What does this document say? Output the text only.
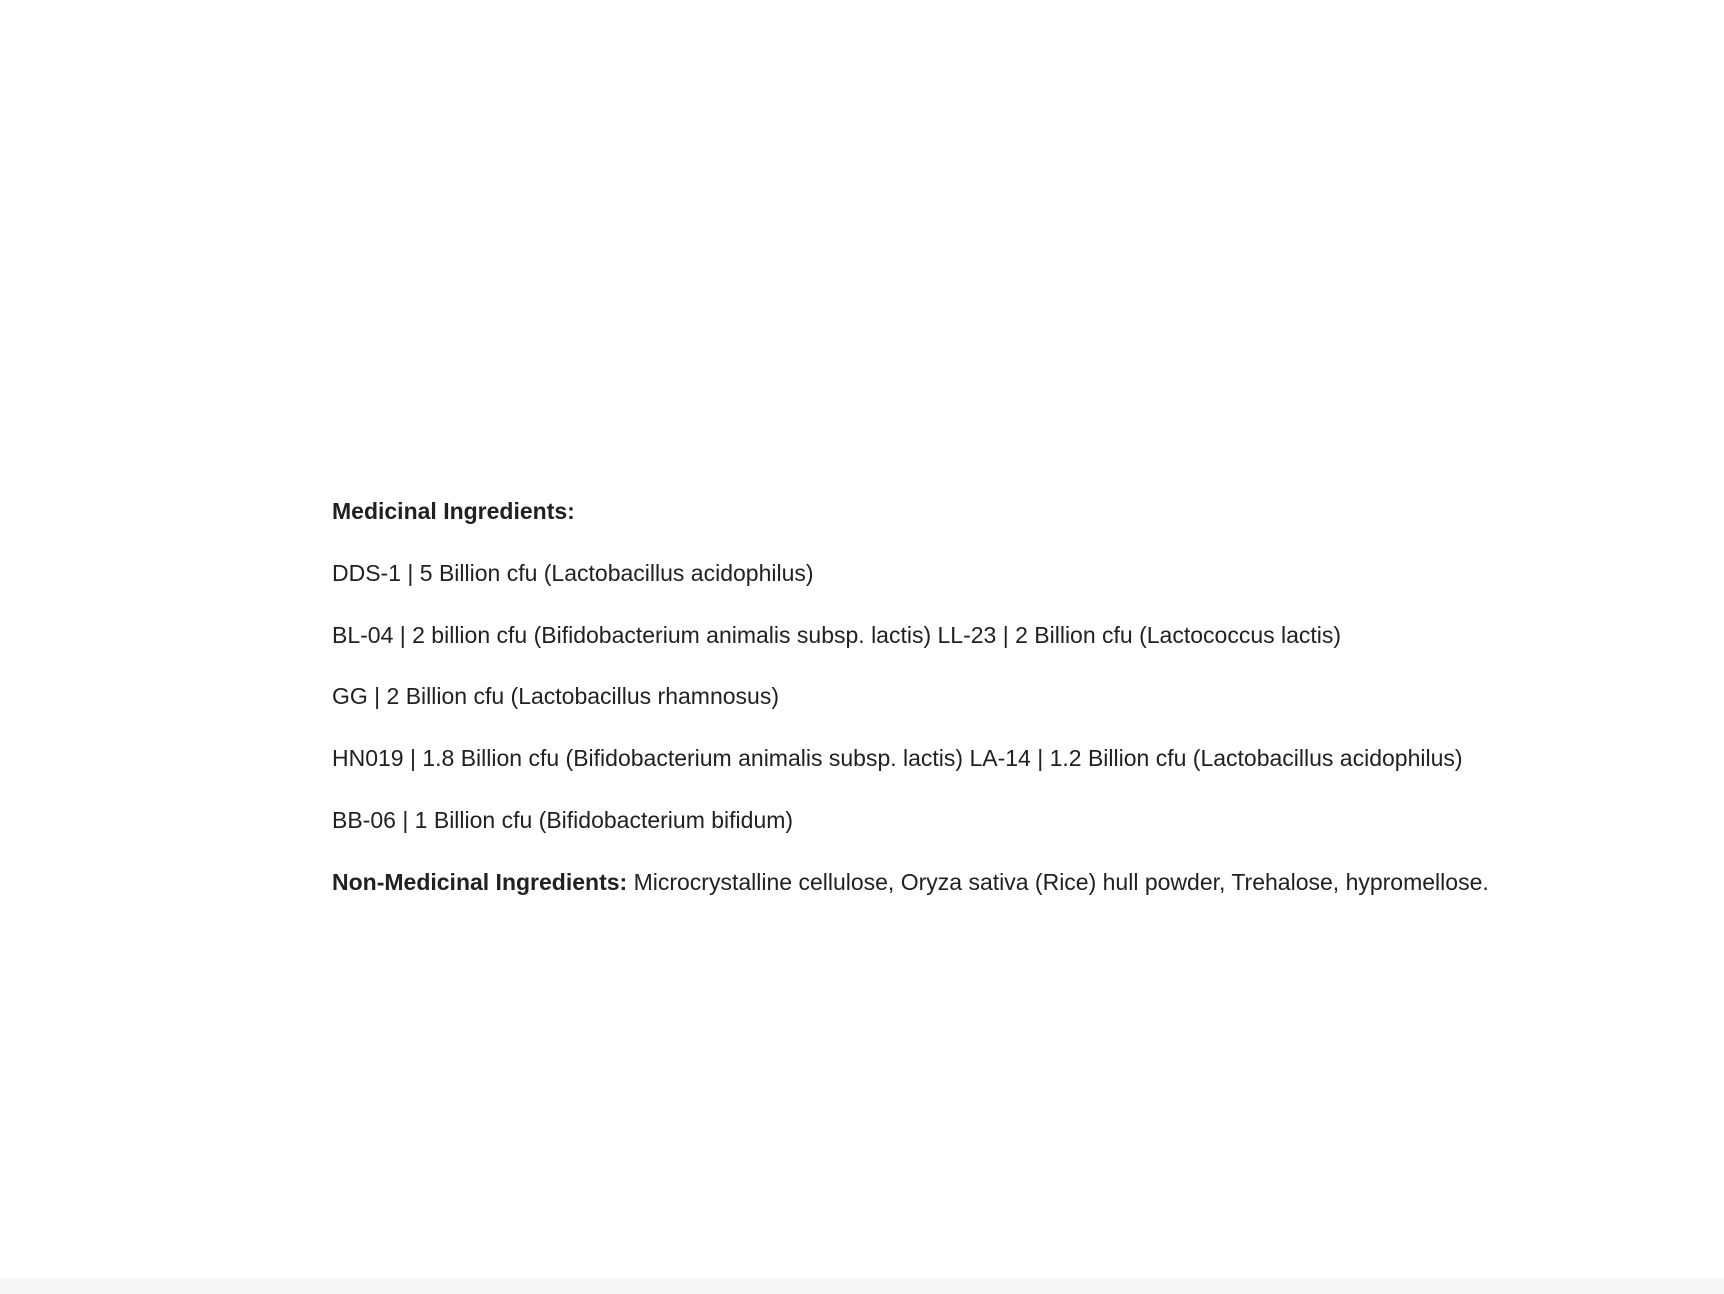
Medicinal Ingredients:

DDS-1 | 5 Billion cfu (Lactobacillus acidophilus)

BL-04 | 2 billion cfu (Bifidobacterium animalis subsp. lactis) LL-23 | 2 Billion cfu (Lactococcus lactis)

GG | 2 Billion cfu (Lactobacillus rhamnosus)

HN019 | 1.8 Billion cfu (Bifidobacterium animalis subsp. lactis) LA-14 | 1.2 Billion cfu (Lactobacillus acidophilus)

BB-06 | 1 Billion cfu (Bifidobacterium bifidum)

Non-Medicinal Ingredients: Microcrystalline cellulose, Oryza sativa (Rice) hull powder, Trehalose, hypromellose.
